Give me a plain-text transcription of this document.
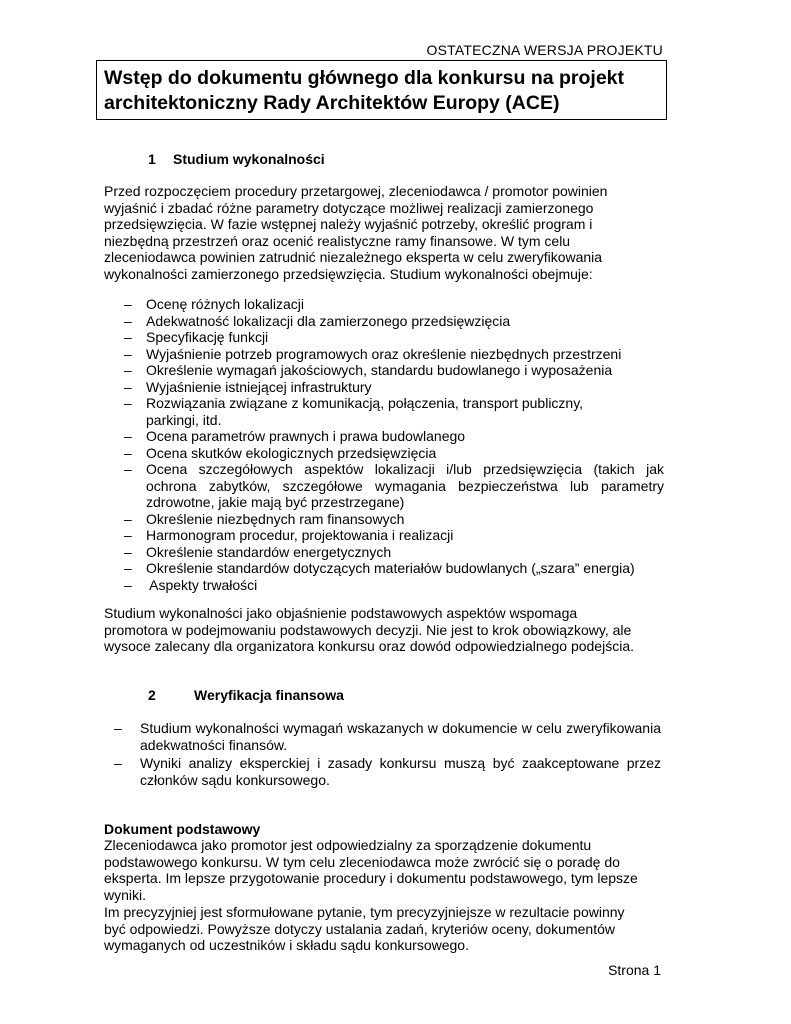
OSTATECZNA WERSJA PROJEKTU
Wstęp do dokumentu głównego dla konkursu na projekt
architektoniczny Rady Architektów Europy (ACE)
1 Studium wykonalności
Przed rozpoczęciem procedury przetargowej, zleceniodawca / promotor powinien
wyjaśnić i zbadać różne parametry dotyczące możliwej realizacji zamierzonego
przedsięwzięcia. W fazie wstępnej należy wyjaśnić potrzeby, określić program i
niezbędną przestrzeń oraz ocenić realistyczne ramy finansowe. W tym celu
zleceniodawca powinien zatrudnić niezależnego eksperta w celu zweryfikowania
wykonalności zamierzonego przedsięwzięcia. Studium wykonalności obejmuje:
– Ocenę różnych lokalizacji
– Adekwatność lokalizacji dla zamierzonego przedsięwzięcia
– Specyfikację funkcji
– Wyjaśnienie potrzeb programowych oraz określenie niezbędnych przestrzeni
– Określenie wymagań jakościowych, standardu budowlanego i wyposażenia
– Wyjaśnienie istniejącej infrastruktury
– Rozwiązania związane z komunikacją, połączenia, transport publiczny, parkingi, itd.
– Ocena parametrów prawnych i prawa budowlanego
– Ocena skutków ekologicznych przedsięwzięcia
– Ocena szczegółowych aspektów lokalizacji i/lub przedsięwzięcia (takich jak ochrona zabytków, szczegółowe wymagania bezpieczeństwa lub parametry zdrowotne, jakie mają być przestrzegane)
– Określenie niezbędnych ram finansowych
– Harmonogram procedur, projektowania i realizacji
– Określenie standardów energetycznych
– Określenie standardów dotyczących materiałów budowlanych („szara” energia)
– Aspekty trwałości
Studium wykonalności jako objaśnienie podstawowych aspektów wspomaga
promotora w podejmowaniu podstawowych decyzji. Nie jest to krok obowiązkowy, ale
wysoce zalecany dla organizatora konkursu oraz dowód odpowiedzialnego podejścia.
2	Weryfikacja finansowa
– Studium wykonalności wymagań wskazanych w dokumencie w celu zweryfikowania adekwatności finansów.
– Wyniki analizy eksperckiej i zasady konkursu muszą być zaakceptowane przez członków sądu konkursowego.
Dokument podstawowy
Zleceniodawca jako promotor jest odpowiedzialny za sporządzenie dokumentu
podstawowego konkursu. W tym celu zleceniodawca może zwrócić się o poradę do
eksperta. Im lepsze przygotowanie procedury i dokumentu podstawowego, tym lepsze
wyniki.
Im precyzyjniej jest sformułowane pytanie, tym precyzyjniejsze w rezultacie powinny
być odpowiedzi. Powyższe dotyczy ustalania zadań, kryteriów oceny, dokumentów
wymaganych od uczestników i składu sądu konkursowego.
Strona 1
